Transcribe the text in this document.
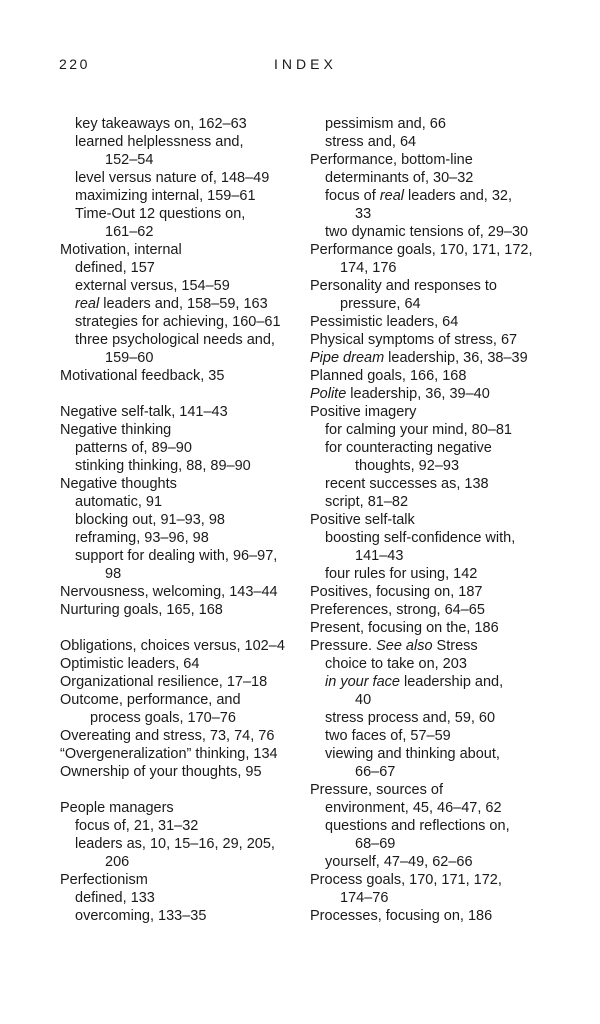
220	INDEX
key takeaways on, 162–63
learned helplessness and,
152–54
level versus nature of, 148–49
maximizing internal, 159–61
Time-Out 12 questions on,
161–62
Motivation, internal
defined, 157
external versus, 154–59
real leaders and, 158–59, 163
strategies for achieving, 160–61
three psychological needs and,
159–60
Motivational feedback, 35
Negative self-talk, 141–43
Negative thinking
patterns of, 89–90
stinking thinking, 88, 89–90
Negative thoughts
automatic, 91
blocking out, 91–93, 98
reframing, 93–96, 98
support for dealing with, 96–97,
98
Nervousness, welcoming, 143–44
Nurturing goals, 165, 168
Obligations, choices versus, 102–4
Optimistic leaders, 64
Organizational resilience, 17–18
Outcome, performance, and
process goals, 170–76
Overeating and stress, 73, 74, 76
“Overgeneralization” thinking, 134
Ownership of your thoughts, 95
People managers
focus of, 21, 31–32
leaders as, 10, 15–16, 29, 205,
206
Perfectionism
defined, 133
overcoming, 133–35
pessimism and, 66
stress and, 64
Performance, bottom-line
determinants of, 30–32
focus of real leaders and, 32,
33
two dynamic tensions of, 29–30
Performance goals, 170, 171, 172,
174, 176
Personality and responses to
pressure, 64
Pessimistic leaders, 64
Physical symptoms of stress, 67
Pipe dream leadership, 36, 38–39
Planned goals, 166, 168
Polite leadership, 36, 39–40
Positive imagery
for calming your mind, 80–81
for counteracting negative
thoughts, 92–93
recent successes as, 138
script, 81–82
Positive self-talk
boosting self-confidence with,
141–43
four rules for using, 142
Positives, focusing on, 187
Preferences, strong, 64–65
Present, focusing on the, 186
Pressure. See also Stress
choice to take on, 203
in your face leadership and,
40
stress process and, 59, 60
two faces of, 57–59
viewing and thinking about,
66–67
Pressure, sources of
environment, 45, 46–47, 62
questions and reflections on,
68–69
yourself, 47–49, 62–66
Process goals, 170, 171, 172,
174–76
Processes, focusing on, 186
